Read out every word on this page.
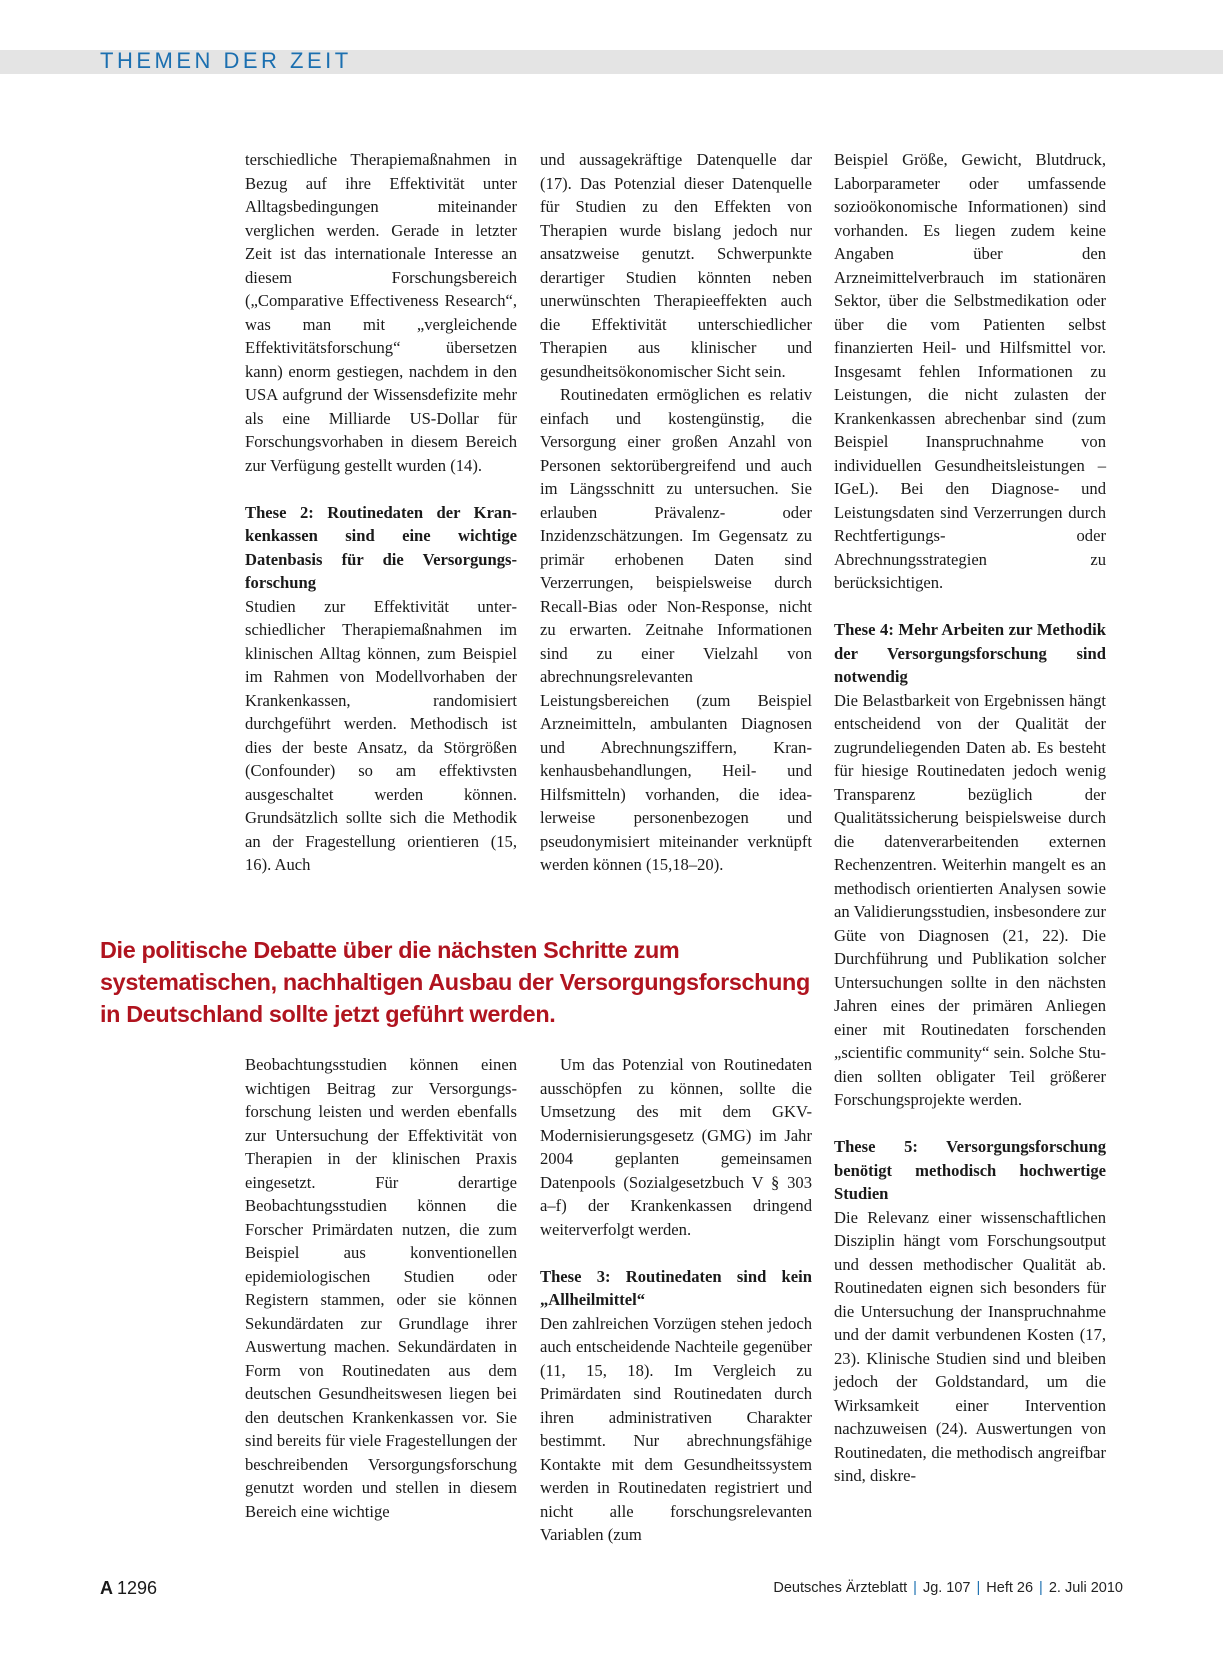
THEMEN DER ZEIT

terschiedliche Therapiemaßnahmen in Bezug auf ihre Effektivität unter Alltagsbedingungen miteinander verglichen werden. Gerade in letzter Zeit ist das internationale Interesse an diesem Forschungsbereich („Comparative Effectiveness Research“, was man mit „vergleichende Effektivitätsforschung“ übersetzen kann) enorm gestiegen, nachdem in den USA aufgrund der Wissensdefizite mehr als eine Milliarde US-Dollar für Forschungsvorhaben in diesem Bereich zur Verfügung gestellt wurden (14).

These 2: Routinedaten der Krankenkassen sind eine wichtige Datenbasis für die Versorgungsforschung

Studien zur Effektivität unterschiedlicher Therapiemaßnahmen im klinischen Alltag können, zum Beispiel im Rahmen von Modellvorhaben der Krankenkassen, randomisiert durchgeführt werden. Methodisch ist dies der beste Ansatz, da Störgrößen (Confounder) so am effektivsten ausgeschaltet werden können. Grundsätzlich sollte sich die Methodik an der Fragestellung orientieren (15, 16). Auch

und aussagekräftige Datenquelle dar (17). Das Potenzial dieser Datenquelle für Studien zu den Effekten von Therapien wurde bislang jedoch nur ansatzweise genutzt. Schwerpunkte derartiger Studien könnten neben unerwünschten Therapieeffekten auch die Effektivität unterschiedlicher Therapien aus klinischer und gesundheitsökonomischer Sicht sein.

Routinedaten ermöglichen es relativ einfach und kostengünstig, die Versorgung einer großen Anzahl von Personen sektorübergreifend und auch im Längsschnitt zu untersuchen. Sie erlauben Prävalenz- oder Inzidenzschätzungen. Im Gegensatz zu primär erhobenen Daten sind Verzerrungen, beispielsweise durch Recall-Bias oder Non-Response, nicht zu erwarten. Zeitnahe Informationen sind zu einer Vielzahl von abrechnungsrelevanten Leistungsbereichen (zum Beispiel Arzneimitteln, ambulanten Diagnosen und Abrechnungsziffern, Krankenhausbehandlungen, Heil- und Hilfsmitteln) vorhanden, die idealerweise personenbezogen und pseudonymisiert miteinander verknüpft werden können (15,18–20).

Beispiel Größe, Gewicht, Blutdruck, Laborparameter oder umfassende sozioökonomische Informationen) sind vorhanden. Es liegen zudem keine Angaben über den Arzneimittelverbrauch im stationären Sektor, über die Selbstmedikation oder über die vom Patienten selbst finanzierten Heil- und Hilfsmittel vor. Insgesamt fehlen Informationen zu Leistungen, die nicht zulasten der Krankenkassen abrechenbar sind (zum Beispiel Inanspruchnahme von individuellen Gesundheitsleistungen – IGeL). Bei den Diagnose- und Leistungsdaten sind Verzerrungen durch Rechtfertigungs- oder Abrechnungsstrategien zu berücksichtigen.

These 4: Mehr Arbeiten zur Methodik der Versorgungsforschung sind notwendig

Die Belastbarkeit von Ergebnissen hängt entscheidend von der Qualität der zugrundeliegenden Daten ab. Es besteht für hiesige Routinedaten jedoch wenig Transparenz bezüglich der Qualitätssicherung beispielsweise durch die datenverarbeitenden externen Rechenzentren. Weiterhin mangelt es an methodisch orientierten Analysen sowie an Validierungsstudien, insbesondere zur Güte von Diagnosen (21, 22). Die Durchführung und Publikation solcher Untersuchungen sollte in den nächsten Jahren eines der primären Anliegen einer mit Routinedaten forschenden „scientific community“ sein. Solche Studien sollten obligater Teil größerer Forschungsprojekte werden.

These 5: Versorgungsforschung benötigt methodisch hochwertige Studien

Die Relevanz einer wissenschaftlichen Disziplin hängt vom Forschungsoutput und dessen methodischer Qualität ab. Routinedaten eignen sich besonders für die Untersuchung der Inanspruchnahme und der damit verbundenen Kosten (17, 23). Klinische Studien sind und bleiben jedoch der Goldstandard, um die Wirksamkeit einer Intervention nachzuweisen (24). Auswertungen von Routinedaten, die methodisch angreifbar sind, diskre-

Die politische Debatte über die nächsten Schritte zum systematischen, nachhaltigen Ausbau der Versorgungsforschung in Deutschland sollte jetzt geführt werden.

Beobachtungsstudien können einen wichtigen Beitrag zur Versorgungsforschung leisten und werden ebenfalls zur Untersuchung der Effektivität von Therapien in der klinischen Praxis eingesetzt. Für derartige Beobachtungsstudien können die Forscher Primärdaten nutzen, die zum Beispiel aus konventionellen epidemiologischen Studien oder Registern stammen, oder sie können Sekundärdaten zur Grundlage ihrer Auswertung machen. Sekundärdaten in Form von Routinedaten aus dem deutschen Gesundheitswesen liegen bei den deutschen Krankenkassen vor. Sie sind bereits für viele Fragestellungen der beschreibenden Versorgungsforschung genutzt worden und stellen in diesem Bereich eine wichtige

Um das Potenzial von Routinedaten ausschöpfen zu können, sollte die Umsetzung des mit dem GKV-Modernisierungsgesetz (GMG) im Jahr 2004 geplanten gemeinsamen Datenpools (Sozialgesetzbuch V § 303 a–f) der Krankenkassen dringend weiterverfolgt werden.

These 3: Routinedaten sind kein „Allheilmittel“

Den zahlreichen Vorzügen stehen jedoch auch entscheidende Nachteile gegenüber (11, 15, 18). Im Vergleich zu Primärdaten sind Routinedaten durch ihren administrativen Charakter bestimmt. Nur abrechnungsfähige Kontakte mit dem Gesundheitssystem werden in Routinedaten registriert und nicht alle forschungsrelevanten Variablen (zum

A 1296	Deutsches Ärzteblatt | Jg. 107 | Heft 26 | 2. Juli 2010
